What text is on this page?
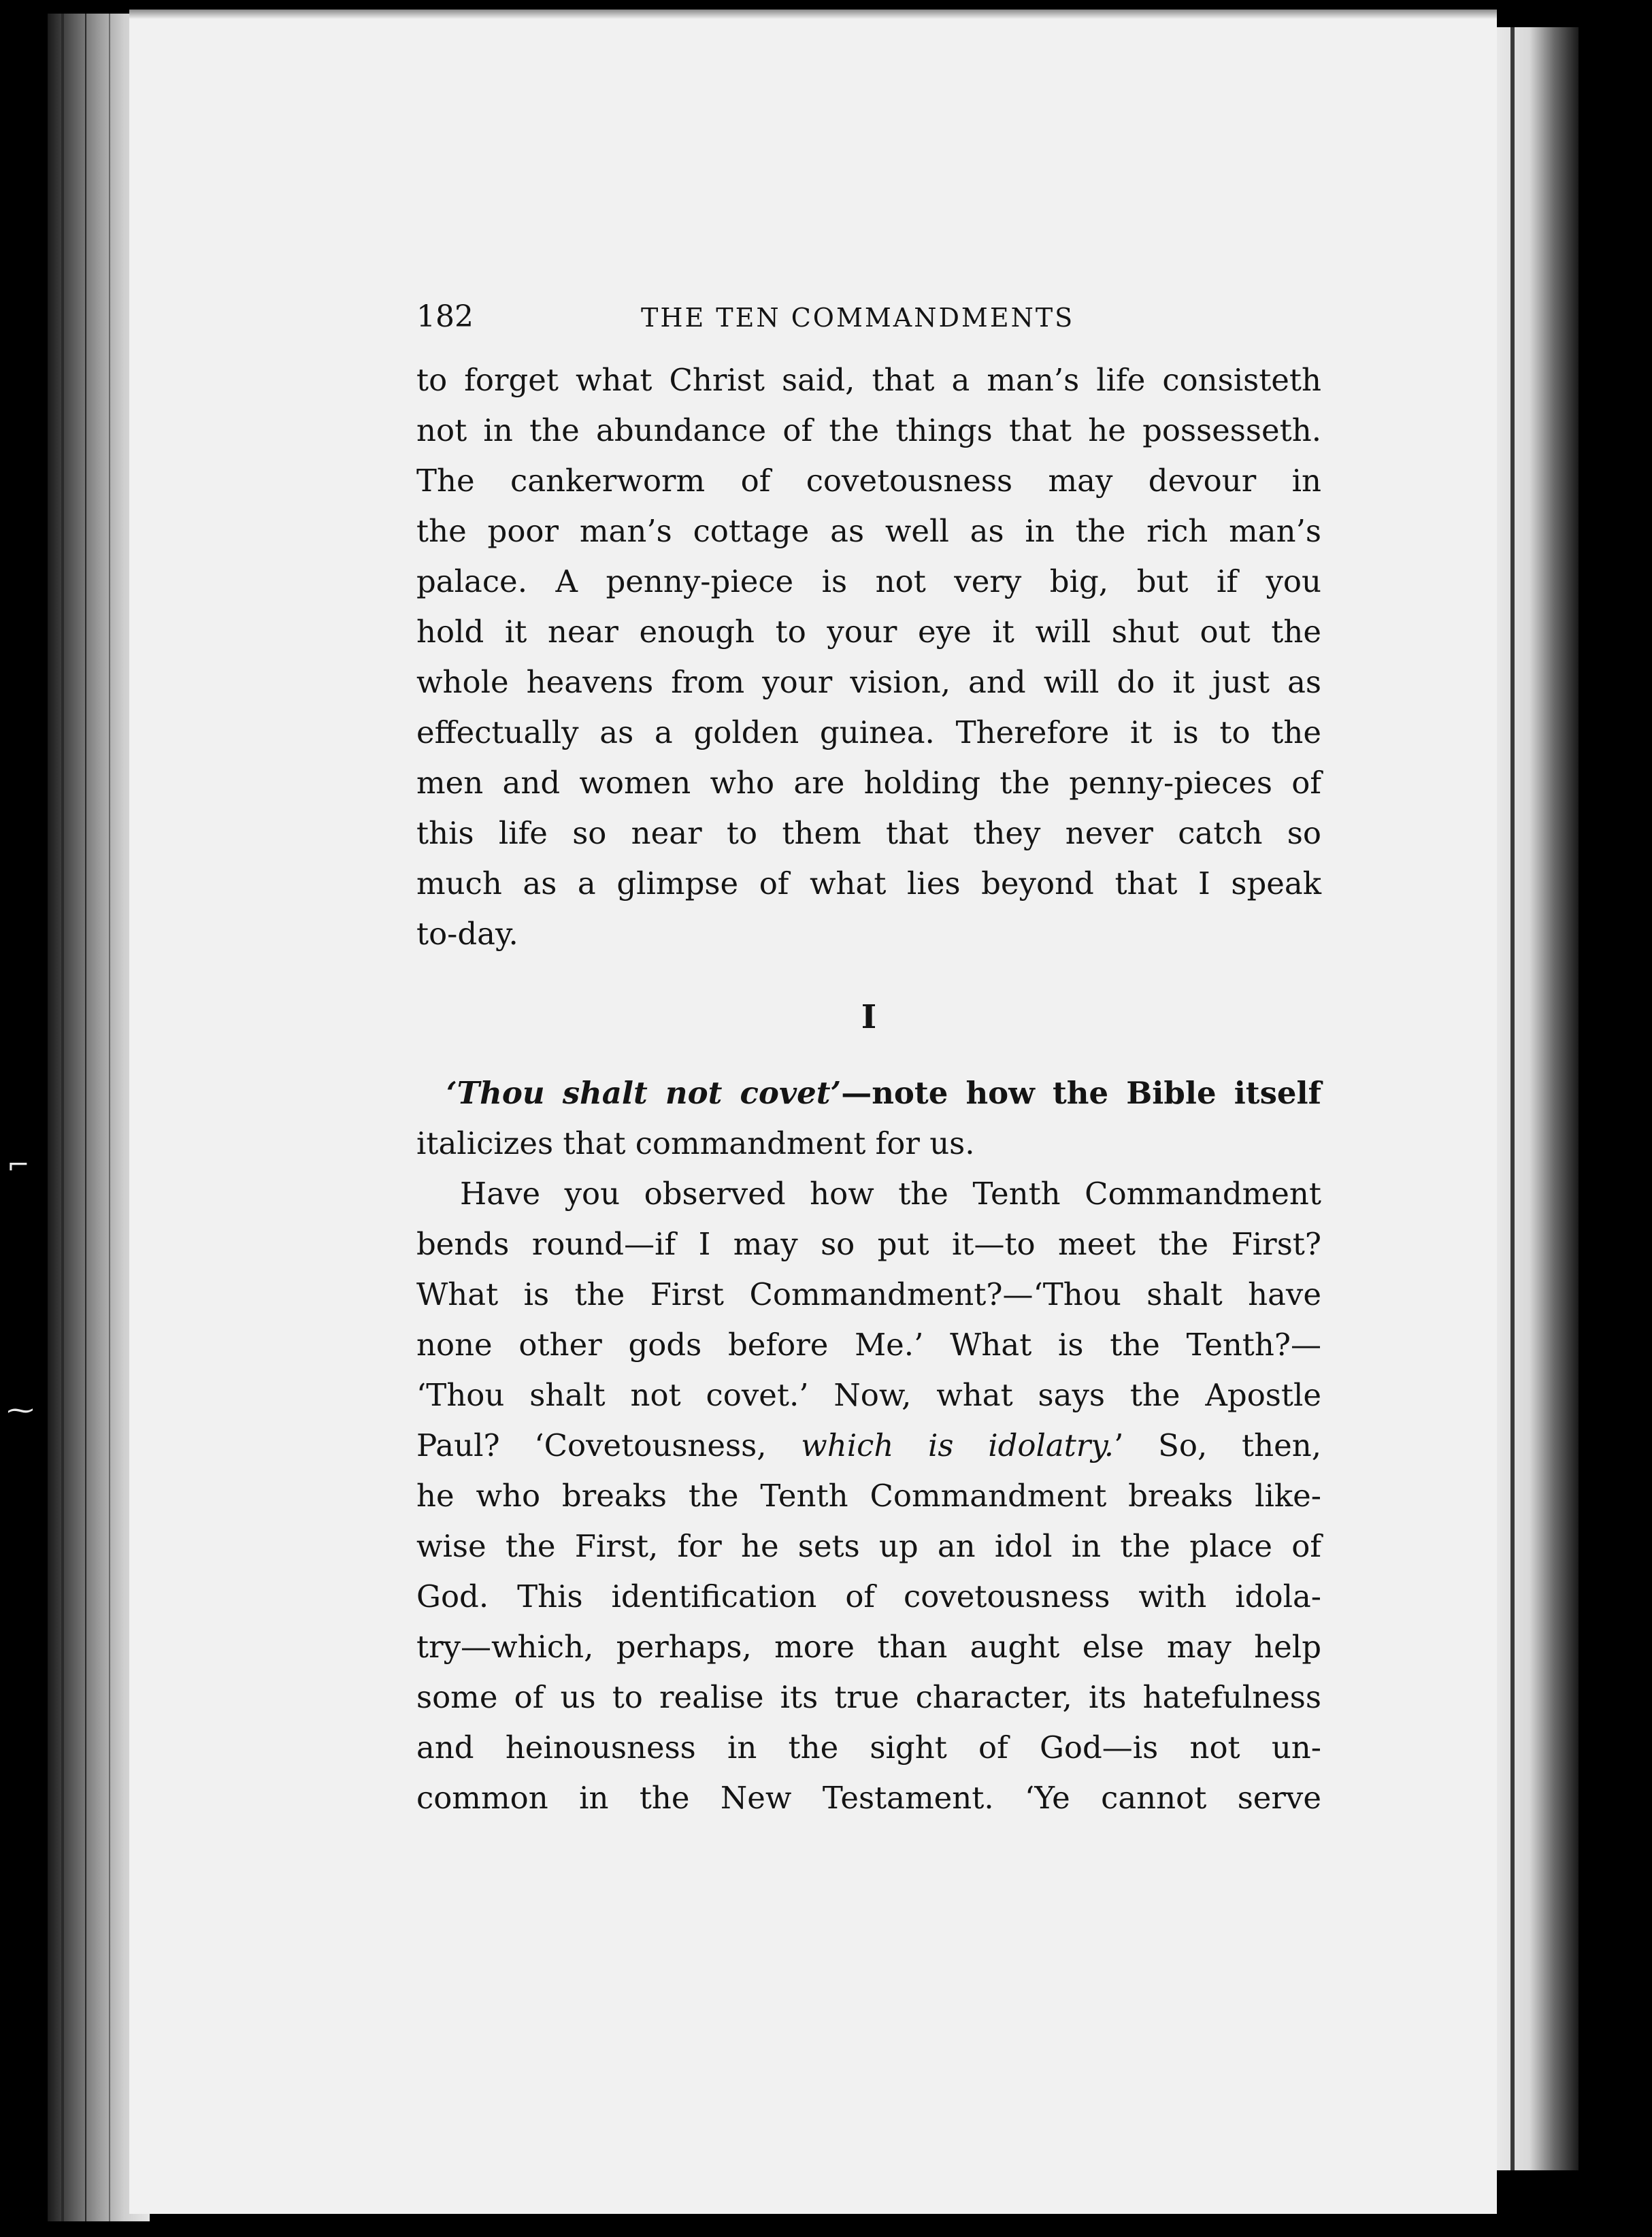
⌐
⁓
182	THE TEN COMMANDMENTS
to forget what Christ said, that a man’s life consisteth
not in the abundance of the things that he possesseth.
The cankerworm of covetousness may devour in
the poor man’s cottage as well as in the rich man’s
palace. A penny-piece is not very big, but if you
hold it near enough to your eye it will shut out the
whole heavens from your vision, and will do it just as
effectually as a golden guinea. Therefore it is to the
men and women who are holding the penny-pieces of
this life so near to them that they never catch so
much as a glimpse of what lies beyond that I speak
to-day.
I
‘Thou shalt not covet’—note how the Bible itself
italicizes that commandment for us.
Have you observed how the Tenth Commandment
bends round—if I may so put it—to meet the First?
What is the First Commandment?—‘Thou shalt have
none other gods before Me.’ What is the Tenth?—
‘Thou shalt not covet.’ Now, what says the Apostle
Paul? ‘Covetousness, which is idolatry.’ So, then,
he who breaks the Tenth Commandment breaks like-
wise the First, for he sets up an idol in the place of
God. This identification of covetousness with idola-
try—which, perhaps, more than aught else may help
some of us to realise its true character, its hatefulness
and heinousness in the sight of God—is not un-
common in the New Testament. ‘Ye cannot serve
